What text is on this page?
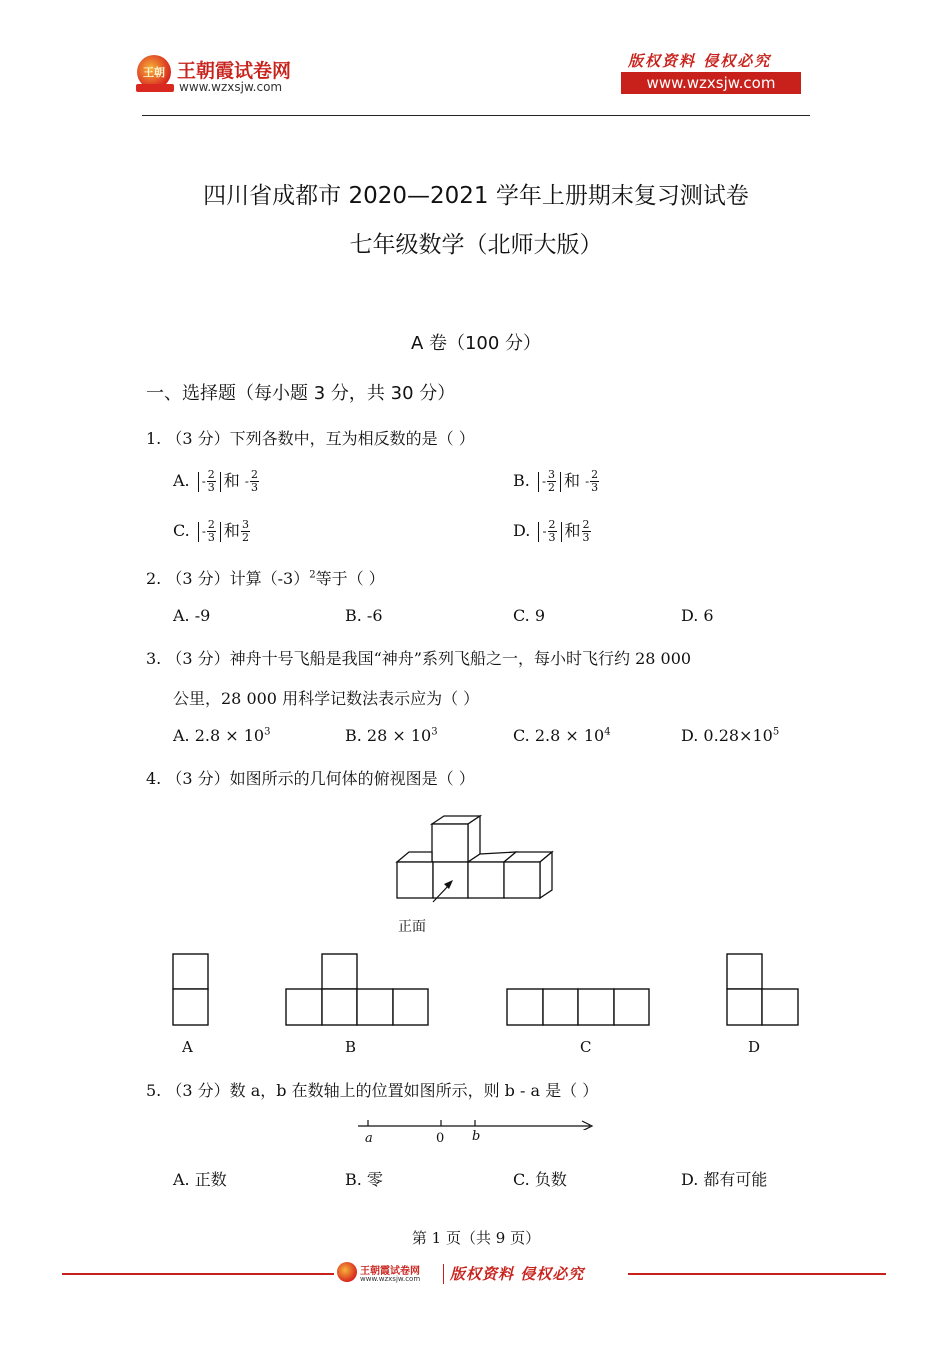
王朝 王朝霞试卷网
www.wzxsjw.com
版权资料 侵权必究
www.wzxsjw.com
四川省成都市 2020—2021 学年上册期末复习测试卷
七年级数学（北师大版）
A 卷（100 分）
一、选择题（每小题 3 分，共 30 分）
1. （3 分）下列各数中，互为相反数的是（ ）
A. - $\frac{2}{3}$ 和 - $\frac{2}{3}$	B. - $\frac{3}{2}$ 和 - $\frac{2}{3}$
C. - $\frac{2}{3}$ 和 $\frac{3}{2}$	D. - $\frac{2}{3}$ 和 $\frac{2}{3}$
2. （3 分）计算$(-3)^2$等于（ ）
A. -9	B. -6	C. 9	D. 6
3. （3 分）神舟十号飞船是我国“神舟”系列飞船之一，每小时飞行约 28 000
公里，28 000 用科学记数法表示应为（ ）
A. $2.8 \times 10^3$	B. $28 \times 10^3$	C. $2.8 \times 10^4$	D. $0.28\times 10^5$
4. （3 分）如图所示的几何体的俯视图是（ ）
正面
A	B	C	D
5. （3 分）数 a，b 在数轴上的位置如图所示，则 b - a 是（ ）
a	0 b
A. 正数	B. 零	C. 负数	D. 都有可能
第 1 页（共 9 页）
王朝霞试卷网
www.wzxsjw.com 版权资料 侵权必究
